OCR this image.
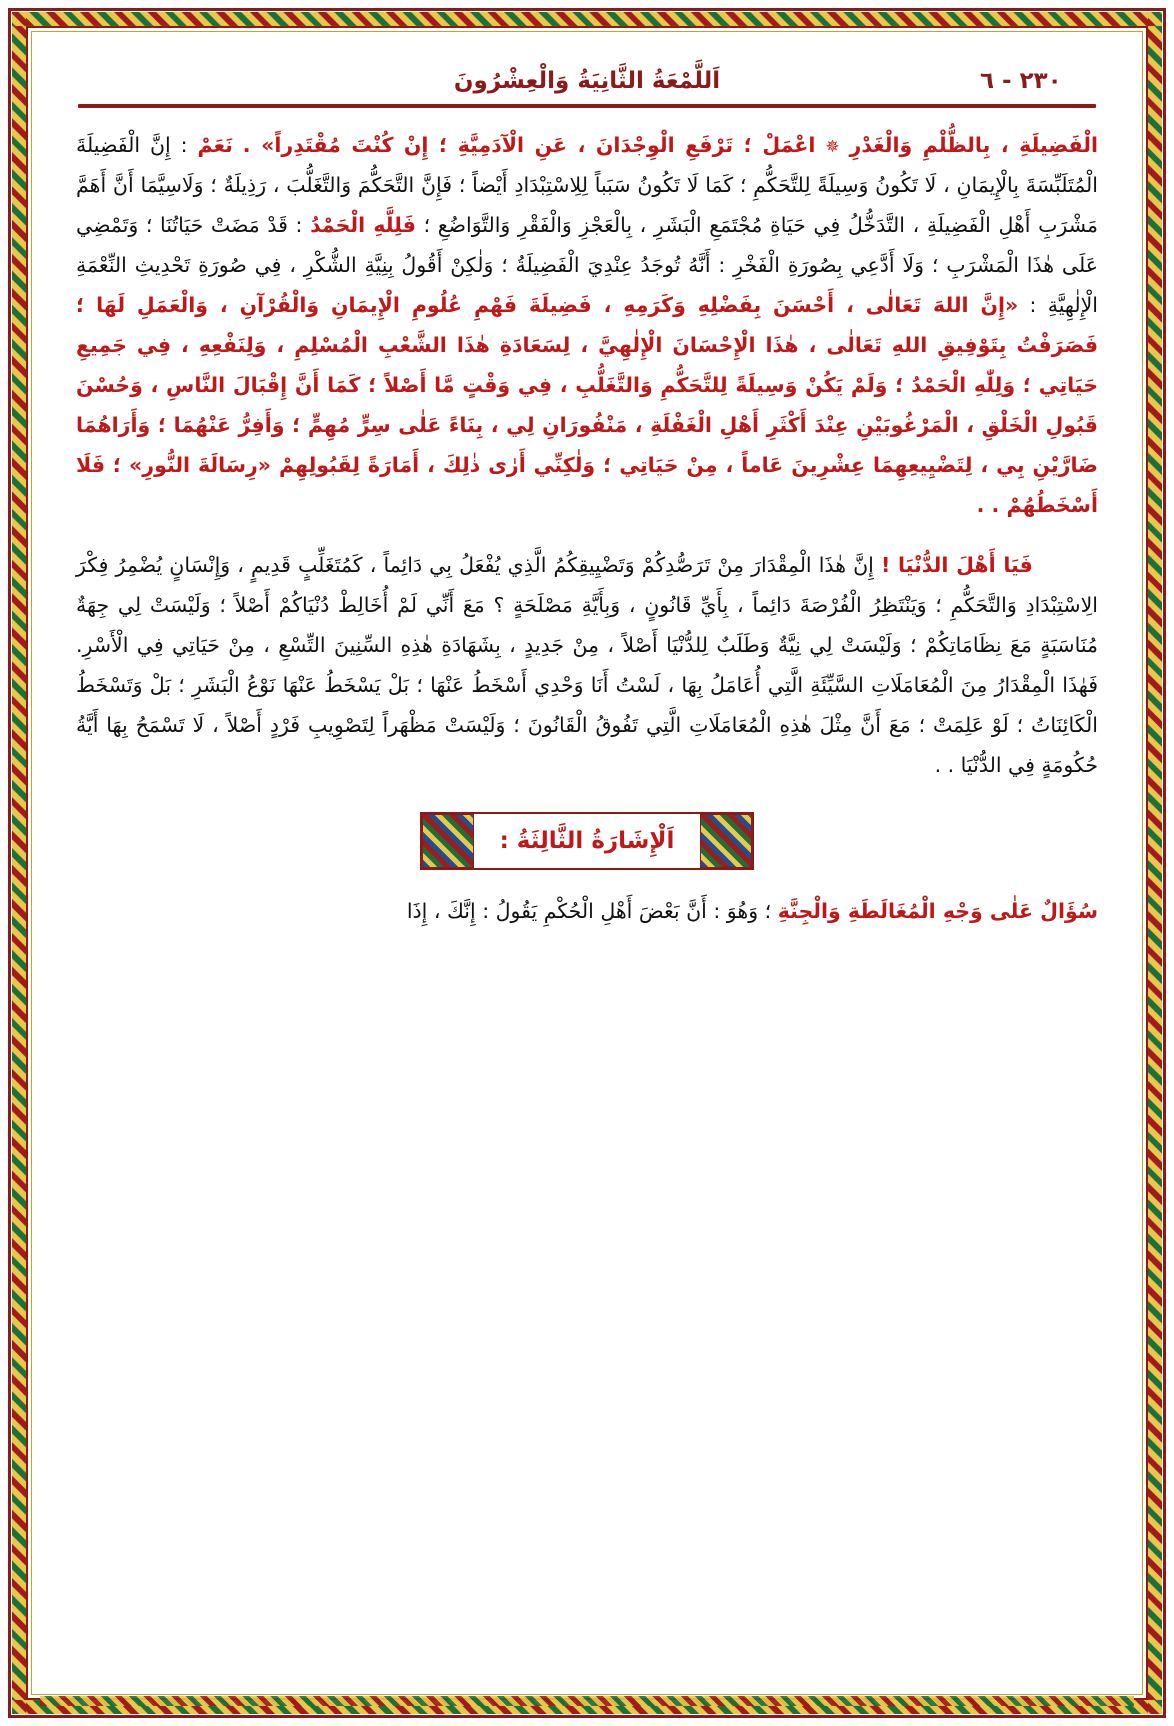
٢٣٠ - ٦
اَللَّمْعَةُ الثَّانِيَةُ وَالْعِشْرُونَ

الْفَضِيلَةِ ، بِالظُّلْمِ وَالْغَدْرِ ✵ اعْمَلْ ؛ تَرْفَعِ الْوِجْدَانَ ، عَنِ الْآدَمِيَّةِ ؛ إِنْ كُنْتَ مُقْتَدِراً» . نَعَمْ : إِنَّ الْفَضِيلَةَ الْمُتَلَبِّسَةَ بِالْإِيمَانِ ، لَا تَكُونُ وَسِيلَةً لِلتَّحَكُّمِ ؛ كَمَا لَا تَكُونُ سَبَباً لِلِاسْتِبْدَادِ أَيْضاً ؛ فَإِنَّ التَّحَكُّمَ وَالتَّغَلُّبَ ، رَذِيلَةٌ ؛ وَلَاسِيَّمَا أَنَّ أَهَمَّ مَشْرَبِ أَهْلِ الْفَضِيلَةِ ، التَّدَخُّلُ فِي حَيَاةِ مُجْتَمَعِ الْبَشَرِ ، بِالْعَجْزِ وَالْفَقْرِ وَالتَّوَاضُعِ ؛ فَلِلَّهِ الْحَمْدُ : قَدْ مَضَتْ حَيَاتُنَا ؛ وَتَمْضِي عَلَى هٰذَا الْمَشْرَبِ ؛ وَلَا أَدَّعِي بِصُورَةِ الْفَخْرِ : أَنَّهُ تُوجَدُ عِنْدِيَ الْفَضِيلَةُ ؛ وَلٰكِنْ أَقُولُ بِنِيَّةِ الشُّكْرِ ، فِي صُورَةِ تَحْدِيثِ النِّعْمَةِ الْإِلٰهِيَّةِ : «إِنَّ اللهَ تَعَالٰى ، أَحْسَنَ بِفَضْلِهِ وَكَرَمِهِ ، فَضِيلَةَ فَهْمِ عُلُومِ الْإِيمَانِ وَالْقُرْآنِ ، وَالْعَمَلِ لَهَا ؛ فَصَرَفْتُ بِتَوْفِيقِ اللهِ تَعَالٰى ، هٰذَا الْإِحْسَانَ الْإِلٰهِيَّ ، لِسَعَادَةِ هٰذَا الشَّعْبِ الْمُسْلِمِ ، وَلِنَفْعِهِ ، فِي جَمِيعِ حَيَاتِي ؛ وَلِلّٰهِ الْحَمْدُ ؛ وَلَمْ يَكُنْ وَسِيلَةً لِلتَّحَكُّمِ وَالتَّغَلُّبِ ، فِي وَقْتٍ مَّا أَصْلاً ؛ كَمَا أَنَّ إِقْبَالَ النَّاسِ ، وَحُسْنَ قَبُولِ الْخَلْقِ ، الْمَرْغُوبَيْنِ عِنْدَ أَكْثَرِ أَهْلِ الْغَفْلَةِ ، مَنْفُورَانِ لِي ، بِنَاءً عَلٰى سِرٍّ مُهِمٍّ ؛ وَأَفِرُّ عَنْهُمَا ؛ وَأَرَاهُمَا ضَارَّيْنِ بِي ، لِتَضْيِيعِهِمَا عِشْرِينَ عَاماً ، مِنْ حَيَاتِي ؛ وَلٰكِنِّي أَرٰى ذٰلِكَ ، أَمَارَةً لِقَبُولِهِمْ «رِسَالَةَ النُّورِ» ؛ فَلَا أَسْخَطُهُمْ . .

فَيَا أَهْلَ الدُّنْيَا ! إِنَّ هٰذَا الْمِقْدَارَ مِنْ تَرَصُّدِكُمْ وَتَضْيِيقِكُمُ الَّذِي يُفْعَلُ بِي دَائِماً ، كَمُتَغَلِّبٍ قَدِيمٍ ، وَإِنْسَانٍ يُضْمِرُ فِكْرَ الِاسْتِبْدَادِ وَالتَّحَكُّمِ ؛ وَيَنْتَظِرُ الْفُرْصَةَ دَائِماً ، بِأَيِّ قَانُونٍ ، وَبِأَيَّةِ مَصْلَحَةٍ ؟ مَعَ أَنِّي لَمْ أُخَالِطْ دُنْيَاكُمْ أَصْلاً ؛ وَلَيْسَتْ لِي جِهَةٌ مُنَاسَبَةٍ مَعَ نِظَامَاتِكُمْ ؛ وَلَيْسَتْ لِي نِيَّةٌ وَطَلَبٌ لِلدُّنْيَا أَصْلاً ، مِنْ جَدِيدٍ ، بِشَهَادَةِ هٰذِهِ السِّنِينَ التِّسْعِ ، مِنْ حَيَاتِي فِي الْأَسْرِ. فَهٰذَا الْمِقْدَارُ مِنَ الْمُعَامَلَاتِ السَّيِّئَةِ الَّتِي أُعَامَلُ بِهَا ، لَسْتُ أَنَا وَحْدِي أَسْخَطُ عَنْهَا ؛ بَلْ يَسْخَطُ عَنْهَا نَوْعُ الْبَشَرِ ؛ بَلْ وَتَسْخَطُ الْكَائِنَاتُ ؛ لَوْ عَلِمَتْ ؛ مَعَ أَنَّ مِثْلَ هٰذِهِ الْمُعَامَلَاتِ الَّتِي تَفُوقُ الْقَانُونَ ؛ وَلَيْسَتْ مَظْهَراً لِتَصْوِيبِ فَرْدٍ أَصْلاً ، لَا تَسْمَحُ بِهَا أَيَّةُ حُكُومَةٍ فِي الدُّنْيَا . .

اَلْإِشَارَةُ الثَّالِثَةُ :

سُؤَالٌ عَلٰى وَجْهِ الْمُغَالَطَةِ وَالْجِنَّةِ ؛ وَهُوَ : أَنَّ بَعْضَ أَهْلِ الْحُكْمِ يَقُولُ : إِنَّكَ ، إِذَا
